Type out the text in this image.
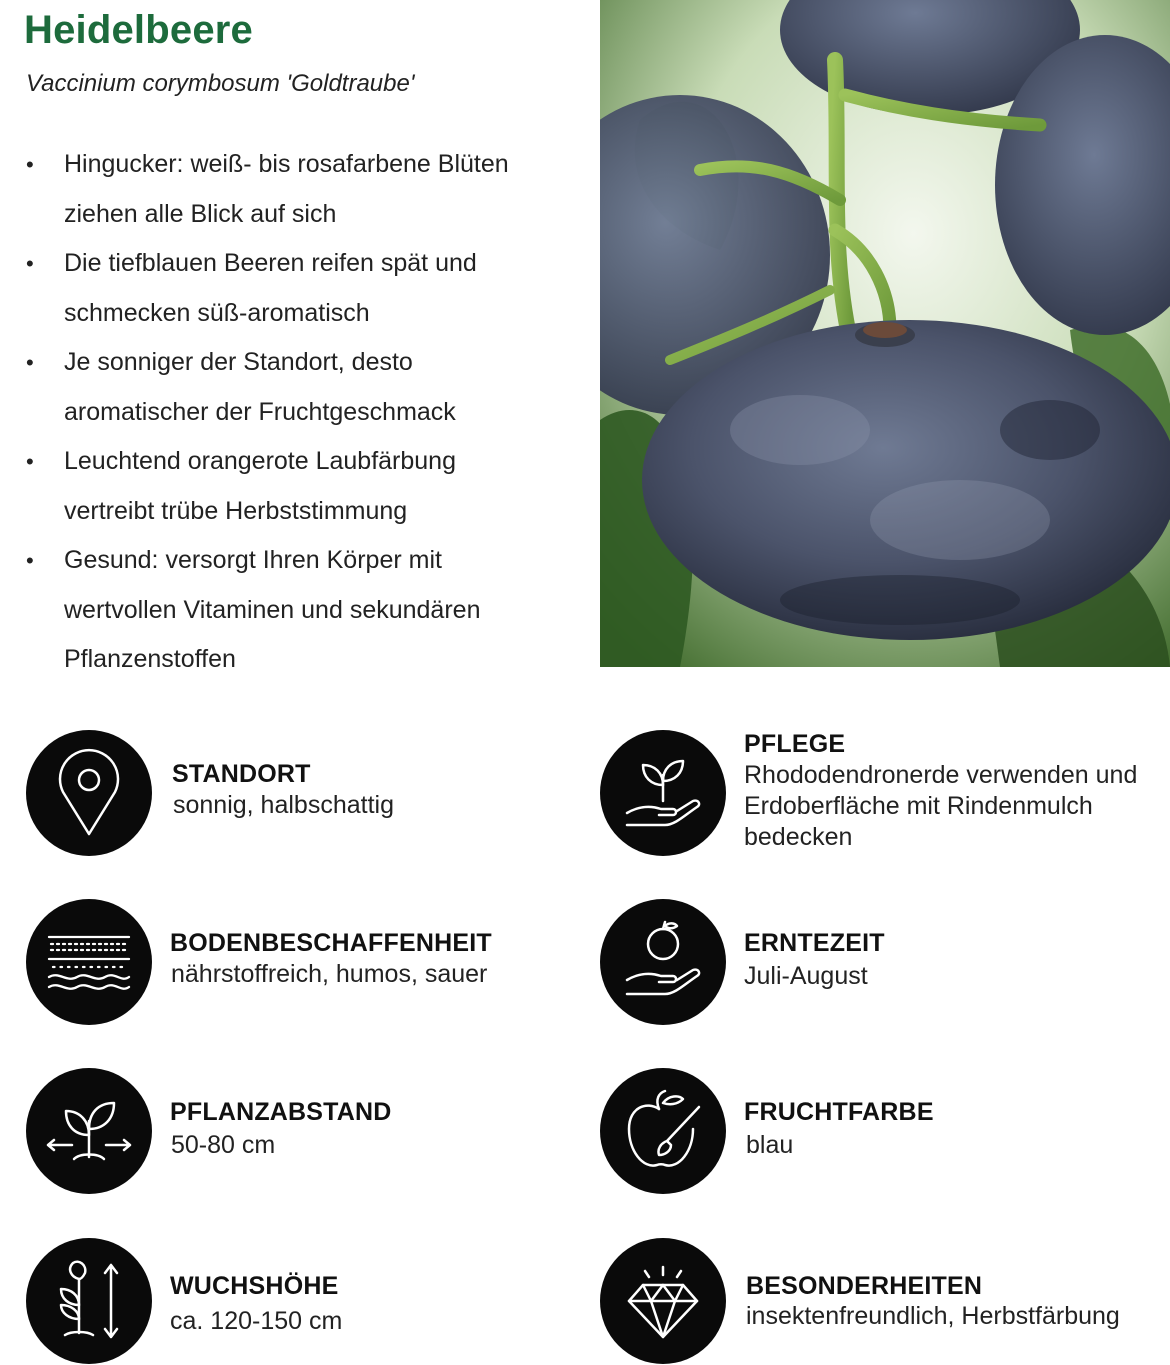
Heidelbeere
Vaccinium corymbosum 'Goldtraube'
• Hingucker: weiß- bis rosafarbene Blüten
ziehen alle Blick auf sich
• Die tiefblauen Beeren reifen spät und
schmecken süß-aromatisch
• Je sonniger der Standort, desto
aromatischer der Fruchtgeschmack
• Leuchtend orangerote Laubfärbung
vertreibt trübe Herbststimmung
• Gesund: versorgt Ihren Körper mit
wertvollen Vitaminen und sekundären
Pflanzenstoffen
STANDORT
sonnig, halbschattig
PFLEGE
Rhododendronerde verwenden und
Erdoberfläche mit Rindenmulch
bedecken
BODENBESCHAFFENHEIT
nährstoffreich, humos, sauer
ERNTEZEIT
Juli-August
PFLANZABSTAND
50-80 cm
FRUCHTFARBE
blau
WUCHSHÖHE
ca. 120-150 cm
BESONDERHEITEN
insektenfreundlich, Herbstfärbung
